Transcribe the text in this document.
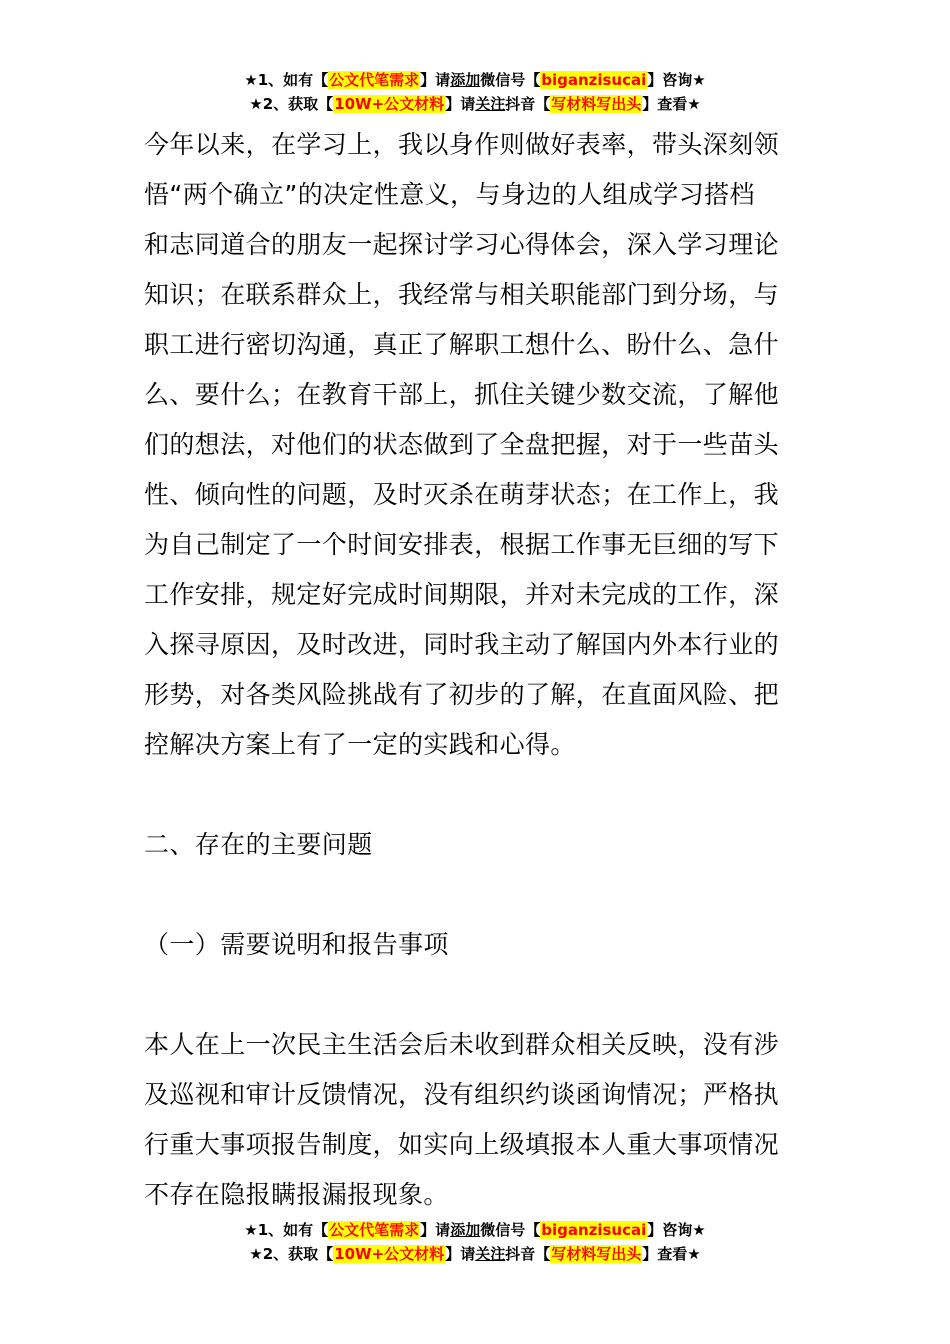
★1、如有【公文代笔需求】请添加微信号【biganzisucai】咨询★
★2、获取【10W+公文材料】请关注抖音【写材料写出头】查看★

今年以来，在学习上，我以身作则做好表率，带头深刻领

悟“两个确立”的决定性意义，与身边的人组成学习搭档

和志同道合的朋友一起探讨学习心得体会，深入学习理论

知识；在联系群众上，我经常与相关职能部门到分场，与

职工进行密切沟通，真正了解职工想什么、盼什么、急什

么、要什么；在教育干部上，抓住关键少数交流，了解他

们的想法，对他们的状态做到了全盘把握，对于一些苗头

性、倾向性的问题，及时灭杀在萌芽状态；在工作上，我

为自己制定了一个时间安排表，根据工作事无巨细的写下

工作安排，规定好完成时间期限，并对未完成的工作，深

入探寻原因，及时改进，同时我主动了解国内外本行业的

形势，对各类风险挑战有了初步的了解，在直面风险、把

控解决方案上有了一定的实践和心得。

二、存在的主要问题

（一）需要说明和报告事项

本人在上一次民主生活会后未收到群众相关反映，没有涉

及巡视和审计反馈情况，没有组织约谈函询情况；严格执

行重大事项报告制度，如实向上级填报本人重大事项情况

不存在隐报瞒报漏报现象。

★1、如有【公文代笔需求】请添加微信号【biganzisucai】咨询★
★2、获取【10W+公文材料】请关注抖音【写材料写出头】查看★
